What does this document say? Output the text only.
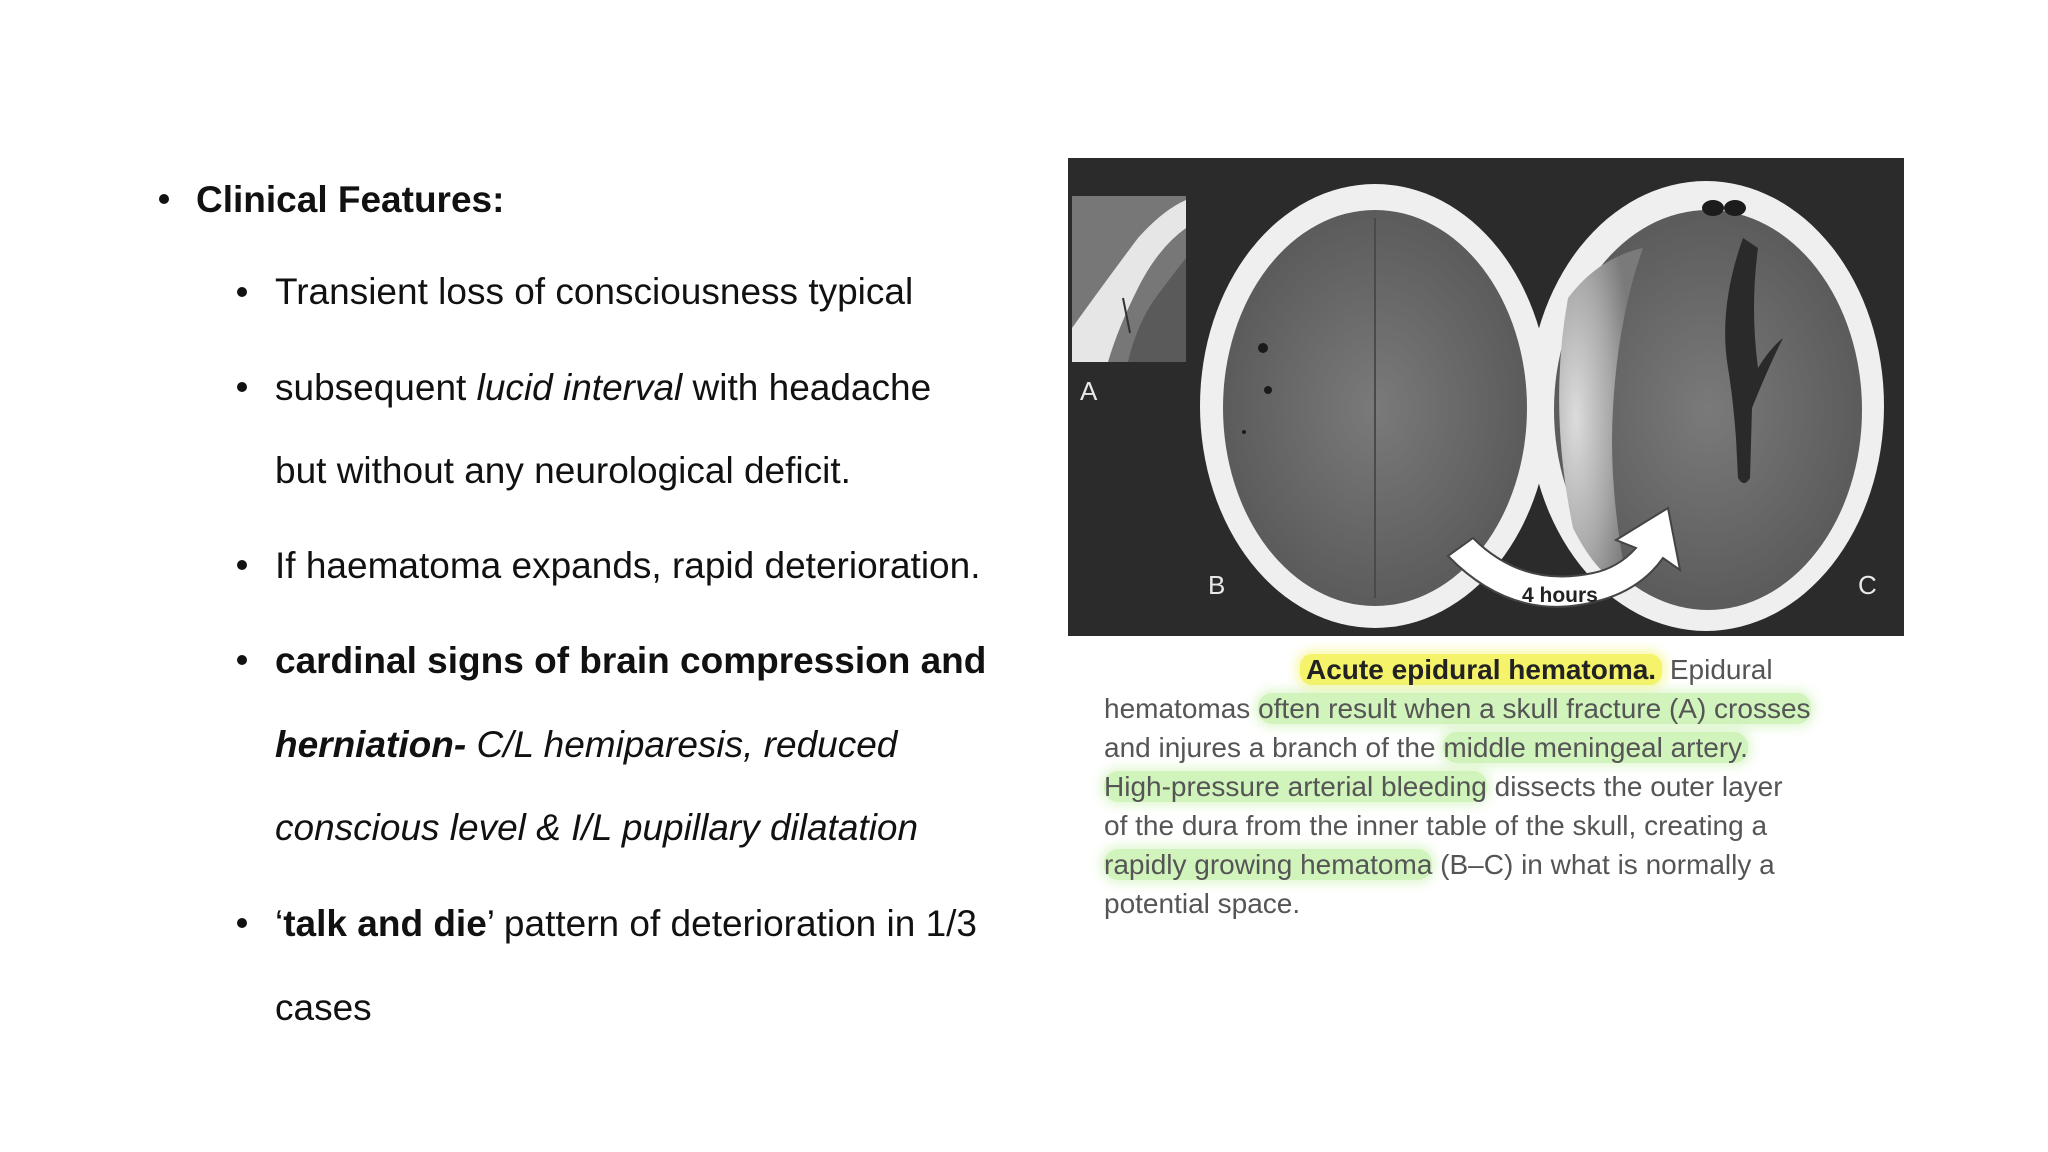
Clinical Features:
Transient loss of consciousness typical
subsequent lucid interval with headache
but without any neurological deficit.
If haematoma expands, rapid deterioration.
cardinal signs of brain compression and
herniation- C/L hemiparesis, reduced
conscious level & I/L pupillary dilatation
‘talk and die’ pattern of deterioration in 1/3
cases
A
B	C
4 hours
Acute epidural hematoma. Epidural
hematomas often result when a skull fracture (A) crosses
and injures a branch of the middle meningeal artery.
High-pressure arterial bleeding dissects the outer layer
of the dura from the inner table of the skull, creating a
rapidly growing hematoma (B–C) in what is normally a
potential space.
